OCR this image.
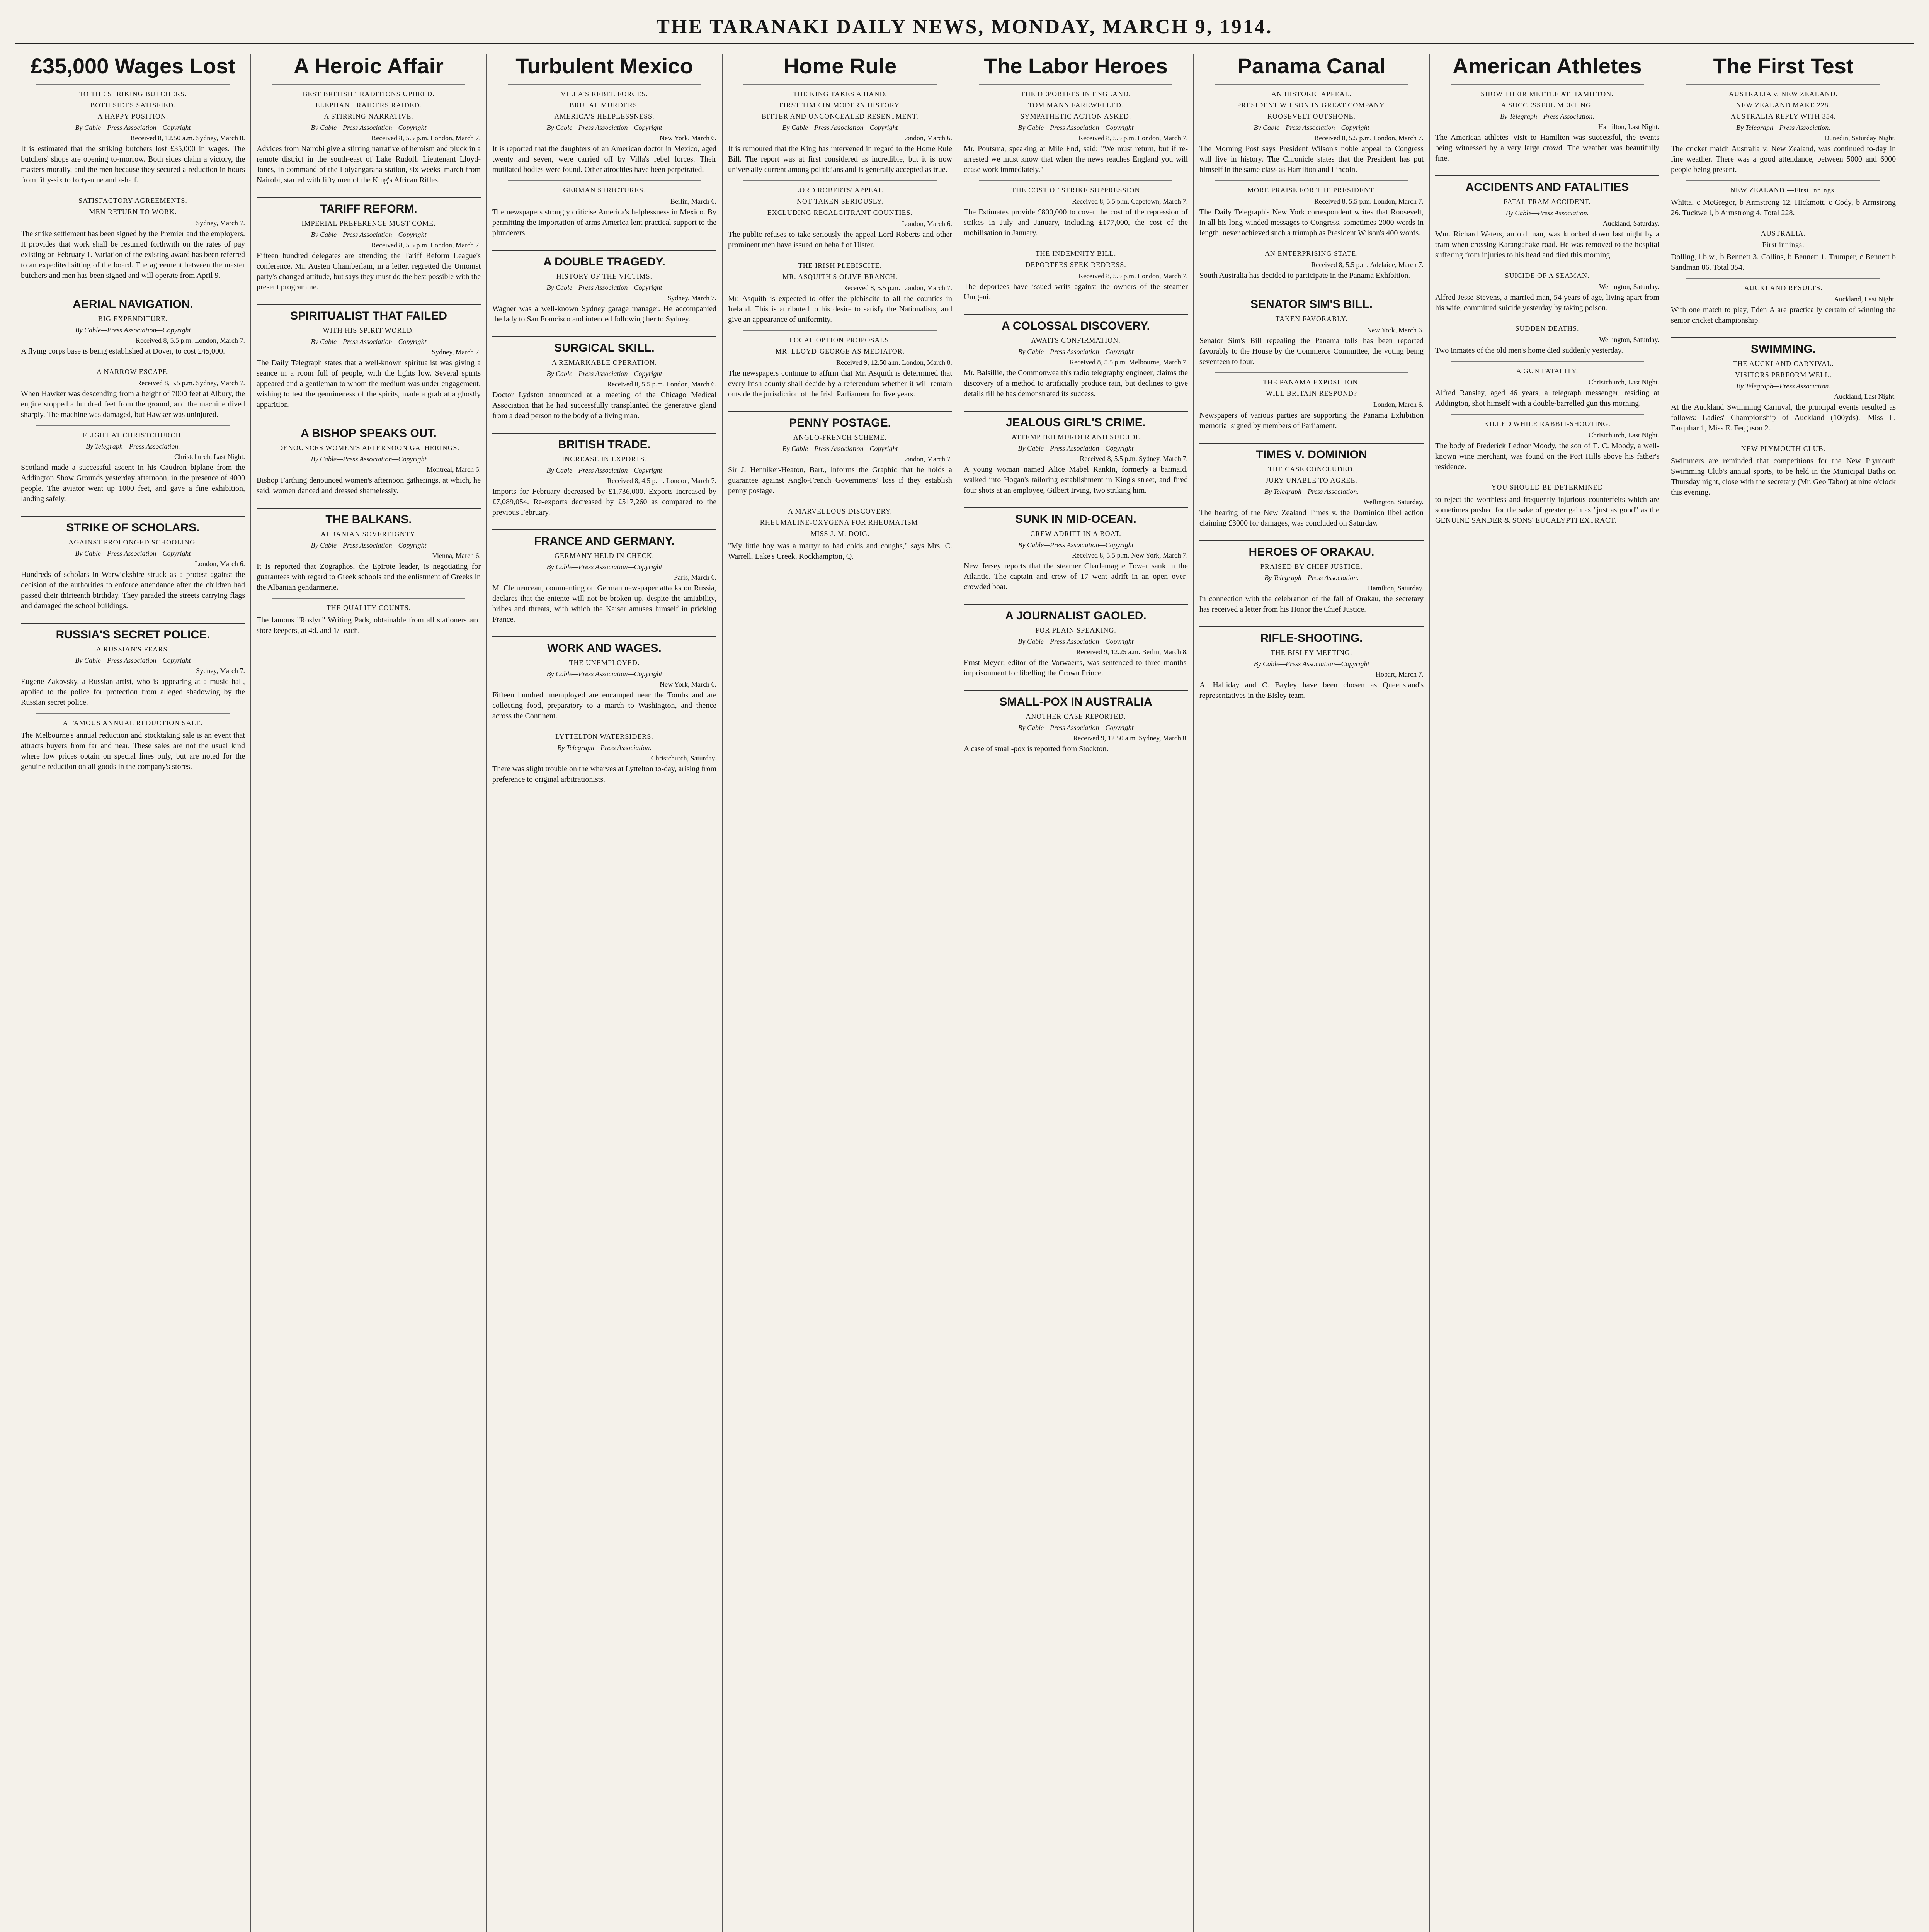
THE TARANAKI DAILY NEWS, MONDAY, MARCH 9, 1914.
£35,000 Wages Lost
TO THE STRIKING BUTCHERS.
BOTH SIDES SATISFIED.
A HAPPY POSITION.
By Cable—Press Association—Copyright
Received 8, 12.50 a.m. Sydney, March 8.

It is estimated that the striking butchers lost £35,000 in wages. The butchers' shops are opening to-morrow. Both sides claim a victory, the masters morally, and the men because they secured a reduction in hours from fifty-six to forty-nine and a-half.

SATISFACTORY AGREEMENTS.
MEN RETURN TO WORK.
Sydney, March 7.

The strike settlement has been signed by the Premier and the employers. It provides that work shall be resumed forthwith on the rates of pay existing on February 1. Variation of the existing award has been referred to an expedited sitting of the board. The agreement between the master butchers and men has been signed and will operate from April 9.

AERIAL NAVIGATION.
BIG EXPENDITURE.
By Cable—Press Association—Copyright
Received 8, 5.5 p.m. London, March 7.

A flying corps base is being established at Dover, to cost £45,000.

A NARROW ESCAPE.
Received 8, 5.5 p.m. Sydney, March 7.

When Hawker was descending from a height of 7000 feet at Albury, the engine stopped a hundred feet from the ground, and the machine dived sharply. The machine was damaged, but Hawker was uninjured.

FLIGHT AT CHRISTCHURCH.
By Telegraph—Press Association.
Christchurch, Last Night.

Scotland made a successful ascent in his Caudron biplane from the Addington Show Grounds yesterday afternoon, in the presence of 4000 people. The aviator went up 1000 feet, and gave a fine exhibition, landing safely.

STRIKE OF SCHOLARS.
AGAINST PROLONGED SCHOOLING.
By Cable—Press Association—Copyright
London, March 6.

Hundreds of scholars in Warwickshire struck as a protest against the decision of the authorities to enforce attendance after the children had passed their thirteenth birthday. They paraded the streets carrying flags and damaged the school buildings.

RUSSIA'S SECRET POLICE.
A RUSSIAN'S FEARS.
By Cable—Press Association—Copyright
Sydney, March 7.

Eugene Zakovsky, a Russian artist, who is appearing at a music hall, applied to the police for protection from alleged shadowing by the Russian secret police.

A FAMOUS ANNUAL REDUCTION SALE.

The Melbourne's annual reduction and stocktaking sale is an event that attracts buyers from far and near. These sales are not the usual kind where low prices obtain on special lines only, but are noted for the genuine reduction on all goods in the company's stores.

A Heroic Affair
BEST BRITISH TRADITIONS UPHELD.
ELEPHANT RAIDERS RAIDED.
A STIRRING NARRATIVE.
By Cable—Press Association—Copyright
Received 8, 5.5 p.m. London, March 7.

Advices from Nairobi give a stirring narrative of heroism and pluck in a remote district in the south-east of Lake Rudolf. Lieutenant Lloyd-Jones, in command of the Loiyangarana station, six weeks' march from Nairobi, started with fifty men of the King's African Rifles.

TARIFF REFORM.
IMPERIAL PREFERENCE MUST COME.
By Cable—Press Association—Copyright
Received 8, 5.5 p.m. London, March 7.

Fifteen hundred delegates are attending the Tariff Reform League's conference. Mr. Austen Chamberlain, in a letter, regretted the Unionist party's changed attitude, but says they must do the best possible with the present programme.

SPIRITUALIST THAT FAILED
WITH HIS SPIRIT WORLD.
By Cable—Press Association—Copyright
Sydney, March 7.

The Daily Telegraph states that a well-known spiritualist was giving a seance in a room full of people, with the lights low. Several spirits appeared and a gentleman to whom the medium was under engagement, wishing to test the genuineness of the spirits, made a grab at a ghostly apparition.

A BISHOP SPEAKS OUT.
DENOUNCES WOMEN'S AFTERNOON GATHERINGS.
By Cable—Press Association—Copyright
Montreal, March 6.

Bishop Farthing denounced women's afternoon gatherings, at which, he said, women danced and dressed shamelessly.

THE BALKANS.
ALBANIAN SOVEREIGNTY.
By Cable—Press Association—Copyright
Vienna, March 6.

It is reported that Zographos, the Epirote leader, is negotiating for guarantees with regard to Greek schools and the enlistment of Greeks in the Albanian gendarmerie.

THE QUALITY COUNTS.

The famous "Roslyn" Writing Pads, obtainable from all stationers and store keepers, at 4d. and 1/- each.

Turbulent Mexico
VILLA'S REBEL FORCES.
BRUTAL MURDERS.
AMERICA'S HELPLESSNESS.
By Cable—Press Association—Copyright
New York, March 6.

It is reported that the daughters of an American doctor in Mexico, aged twenty and seven, were carried off by Villa's rebel forces. Their mutilated bodies were found. Other atrocities have been perpetrated.

GERMAN STRICTURES.
Berlin, March 6.

The newspapers strongly criticise America's helplessness in Mexico. By permitting the importation of arms America lent practical support to the plunderers.

A DOUBLE TRAGEDY.
HISTORY OF THE VICTIMS.
By Cable—Press Association—Copyright
Sydney, March 7.

Wagner was a well-known Sydney garage manager. He accompanied the lady to San Francisco and intended following her to Sydney.

SURGICAL SKILL.
A REMARKABLE OPERATION.
By Cable—Press Association—Copyright
Received 8, 5.5 p.m. London, March 6.

Doctor Lydston announced at a meeting of the Chicago Medical Association that he had successfully transplanted the generative gland from a dead person to the body of a living man.

BRITISH TRADE.
INCREASE IN EXPORTS.
By Cable—Press Association—Copyright
Received 8, 4.5 p.m. London, March 7.

Imports for February decreased by £1,736,000. Exports increased by £7,089,054. Re-exports decreased by £517,260 as compared to the previous February.

FRANCE AND GERMANY.
GERMANY HELD IN CHECK.
By Cable—Press Association—Copyright
Paris, March 6.

M. Clemenceau, commenting on German newspaper attacks on Russia, declares that the entente will not be broken up, despite the amiability, bribes and threats, with which the Kaiser amuses himself in pricking France.

WORK AND WAGES.
THE UNEMPLOYED.
By Cable—Press Association—Copyright
New York, March 6.

Fifteen hundred unemployed are encamped near the Tombs and are collecting food, preparatory to a march to Washington, and thence across the Continent.

LYTTELTON WATERSIDERS.
By Telegraph—Press Association.
Christchurch, Saturday.

There was slight trouble on the wharves at Lyttelton to-day, arising from preference to original arbitrationists.

Home Rule
THE KING TAKES A HAND.
FIRST TIME IN MODERN HISTORY.
BITTER AND UNCONCEALED RESENTMENT.
By Cable—Press Association—Copyright
London, March 6.

It is rumoured that the King has intervened in regard to the Home Rule Bill. The report was at first considered as incredible, but it is now universally current among politicians and is generally accepted as true.

LORD ROBERTS' APPEAL.
NOT TAKEN SERIOUSLY.
EXCLUDING RECALCITRANT COUNTIES.
London, March 6.

The public refuses to take seriously the appeal Lord Roberts and other prominent men have issued on behalf of Ulster.

THE IRISH PLEBISCITE.
MR. ASQUITH'S OLIVE BRANCH.
Received 8, 5.5 p.m. London, March 7.

Mr. Asquith is expected to offer the plebiscite to all the counties in Ireland. This is attributed to his desire to satisfy the Nationalists, and give an appearance of uniformity.

LOCAL OPTION PROPOSALS.
MR. LLOYD-GEORGE AS MEDIATOR.
Received 9, 12.50 a.m. London, March 8.

The newspapers continue to affirm that Mr. Asquith is determined that every Irish county shall decide by a referendum whether it will remain outside the jurisdiction of the Irish Parliament for five years.

PENNY POSTAGE.
ANGLO-FRENCH SCHEME.
By Cable—Press Association—Copyright
London, March 7.

Sir J. Henniker-Heaton, Bart., informs the Graphic that he holds a guarantee against Anglo-French Governments' loss if they establish penny postage.

A MARVELLOUS DISCOVERY.
RHEUMALINE-OXYGENA FOR RHEUMATISM.
MISS J. M. DOIG.

"My little boy was a martyr to bad colds and coughs," says Mrs. C. Warrell, Lake's Creek, Rockhampton, Q.

The Labor Heroes
THE DEPORTEES IN ENGLAND.
TOM MANN FAREWELLED.
SYMPATHETIC ACTION ASKED.
By Cable—Press Association—Copyright
Received 8, 5.5 p.m. London, March 7.

Mr. Poutsma, speaking at Mile End, said: "We must return, but if re-arrested we must know that when the news reaches England you will cease work immediately."

THE COST OF STRIKE SUPPRESSION
Received 8, 5.5 p.m. Capetown, March 7.

The Estimates provide £800,000 to cover the cost of the repression of strikes in July and January, including £177,000, the cost of the mobilisation in January.

THE INDEMNITY BILL.
DEPORTEES SEEK REDRESS.
Received 8, 5.5 p.m. London, March 7.

The deportees have issued writs against the owners of the steamer Umgeni.

A COLOSSAL DISCOVERY.
AWAITS CONFIRMATION.
By Cable—Press Association—Copyright
Received 8, 5.5 p.m. Melbourne, March 7.

Mr. Balsillie, the Commonwealth's radio telegraphy engineer, claims the discovery of a method to artificially produce rain, but declines to give details till he has demonstrated its success.

JEALOUS GIRL'S CRIME.
ATTEMPTED MURDER AND SUICIDE
By Cable—Press Association—Copyright
Received 8, 5.5 p.m. Sydney, March 7.

A young woman named Alice Mabel Rankin, formerly a barmaid, walked into Hogan's tailoring establishment in King's street, and fired four shots at an employee, Gilbert Irving, two striking him.

SUNK IN MID-OCEAN.
CREW ADRIFT IN A BOAT.
By Cable—Press Association—Copyright
Received 8, 5.5 p.m. New York, March 7.

New Jersey reports that the steamer Charlemagne Tower sank in the Atlantic. The captain and crew of 17 went adrift in an open over-crowded boat.

A JOURNALIST GAOLED.
FOR PLAIN SPEAKING.
By Cable—Press Association—Copyright
Received 9, 12.25 a.m. Berlin, March 8.

Ernst Meyer, editor of the Vorwaerts, was sentenced to three months' imprisonment for libelling the Crown Prince.

SMALL-POX IN AUSTRALIA
ANOTHER CASE REPORTED.
By Cable—Press Association—Copyright
Received 9, 12.50 a.m. Sydney, March 8.

A case of small-pox is reported from Stockton.

Panama Canal
AN HISTORIC APPEAL.
PRESIDENT WILSON IN GREAT COMPANY.
ROOSEVELT OUTSHONE.
By Cable—Press Association—Copyright
Received 8, 5.5 p.m. London, March 7.

The Morning Post says President Wilson's noble appeal to Congress will live in history. The Chronicle states that the President has put himself in the same class as Hamilton and Lincoln.

MORE PRAISE FOR THE PRESIDENT.
Received 8, 5.5 p.m. London, March 7.

The Daily Telegraph's New York correspondent writes that Roosevelt, in all his long-winded messages to Congress, sometimes 2000 words in length, never achieved such a triumph as President Wilson's 400 words.

AN ENTERPRISING STATE.
Received 8, 5.5 p.m. Adelaide, March 7.

South Australia has decided to participate in the Panama Exhibition.

SENATOR SIM'S BILL.
TAKEN FAVORABLY.
New York, March 6.

Senator Sim's Bill repealing the Panama tolls has been reported favorably to the House by the Commerce Committee, the voting being seventeen to four.

THE PANAMA EXPOSITION.
WILL BRITAIN RESPOND?
London, March 6.

Newspapers of various parties are supporting the Panama Exhibition memorial signed by members of Parliament.

TIMES V. DOMINION
THE CASE CONCLUDED.
JURY UNABLE TO AGREE.
By Telegraph—Press Association.
Wellington, Saturday.

The hearing of the New Zealand Times v. the Dominion libel action claiming £3000 for damages, was concluded on Saturday.

HEROES OF ORAKAU.
PRAISED BY CHIEF JUSTICE.
By Telegraph—Press Association.
Hamilton, Saturday.

In connection with the celebration of the fall of Orakau, the secretary has received a letter from his Honor the Chief Justice.

RIFLE-SHOOTING.
THE BISLEY MEETING.
By Cable—Press Association—Copyright
Hobart, March 7.

A. Halliday and C. Bayley have been chosen as Queensland's representatives in the Bisley team.

American Athletes
SHOW THEIR METTLE AT HAMILTON.
A SUCCESSFUL MEETING.
By Telegraph—Press Association.
Hamilton, Last Night.

The American athletes' visit to Hamilton was successful, the events being witnessed by a very large crowd. The weather was beautifully fine.

ACCIDENTS AND FATALITIES
FATAL TRAM ACCIDENT.
By Cable—Press Association.
Auckland, Saturday.

Wm. Richard Waters, an old man, was knocked down last night by a tram when crossing Karangahake road. He was removed to the hospital suffering from injuries to his head and died this morning.

SUICIDE OF A SEAMAN.
Wellington, Saturday.

Alfred Jesse Stevens, a married man, 54 years of age, living apart from his wife, committed suicide yesterday by taking poison.

SUDDEN DEATHS.
Wellington, Saturday.

Two inmates of the old men's home died suddenly yesterday.

A GUN FATALITY.
Christchurch, Last Night.

Alfred Ransley, aged 46 years, a telegraph messenger, residing at Addington, shot himself with a double-barrelled gun this morning.

KILLED WHILE RABBIT-SHOOTING.
Christchurch, Last Night.

The body of Frederick Lednor Moody, the son of E. C. Moody, a well-known wine merchant, was found on the Port Hills above his father's residence.

YOU SHOULD BE DETERMINED

to reject the worthless and frequently injurious counterfeits which are sometimes pushed for the sake of greater gain as "just as good" as the GENUINE SANDER & SONS' EUCALYPTI EXTRACT.

The First Test
AUSTRALIA v. NEW ZEALAND.
NEW ZEALAND MAKE 228.
AUSTRALIA REPLY WITH 354.
By Telegraph—Press Association.
Dunedin, Saturday Night.

The cricket match Australia v. New Zealand, was continued to-day in fine weather. There was a good attendance, between 5000 and 6000 people being present.

NEW ZEALAND.—First innings.

Whitta, c McGregor, b Armstrong 12. Hickmott, c Cody, b Armstrong 26. Tuckwell, b Armstrong 4. Total 228.

AUSTRALIA.
First innings.

Dolling, l.b.w., b Bennett 3. Collins, b Bennett 1. Trumper, c Bennett b Sandman 86. Total 354.

AUCKLAND RESULTS.
Auckland, Last Night.

With one match to play, Eden A are practically certain of winning the senior cricket championship.

SWIMMING.
THE AUCKLAND CARNIVAL.
VISITORS PERFORM WELL.
By Telegraph—Press Association.
Auckland, Last Night.

At the Auckland Swimming Carnival, the principal events resulted as follows: Ladies' Championship of Auckland (100yds).—Miss L. Farquhar 1, Miss E. Ferguson 2.

NEW PLYMOUTH CLUB.

Swimmers are reminded that competitions for the New Plymouth Swimming Club's annual sports, to be held in the Municipal Baths on Thursday night, close with the secretary (Mr. Geo Tabor) at nine o'clock this evening.
